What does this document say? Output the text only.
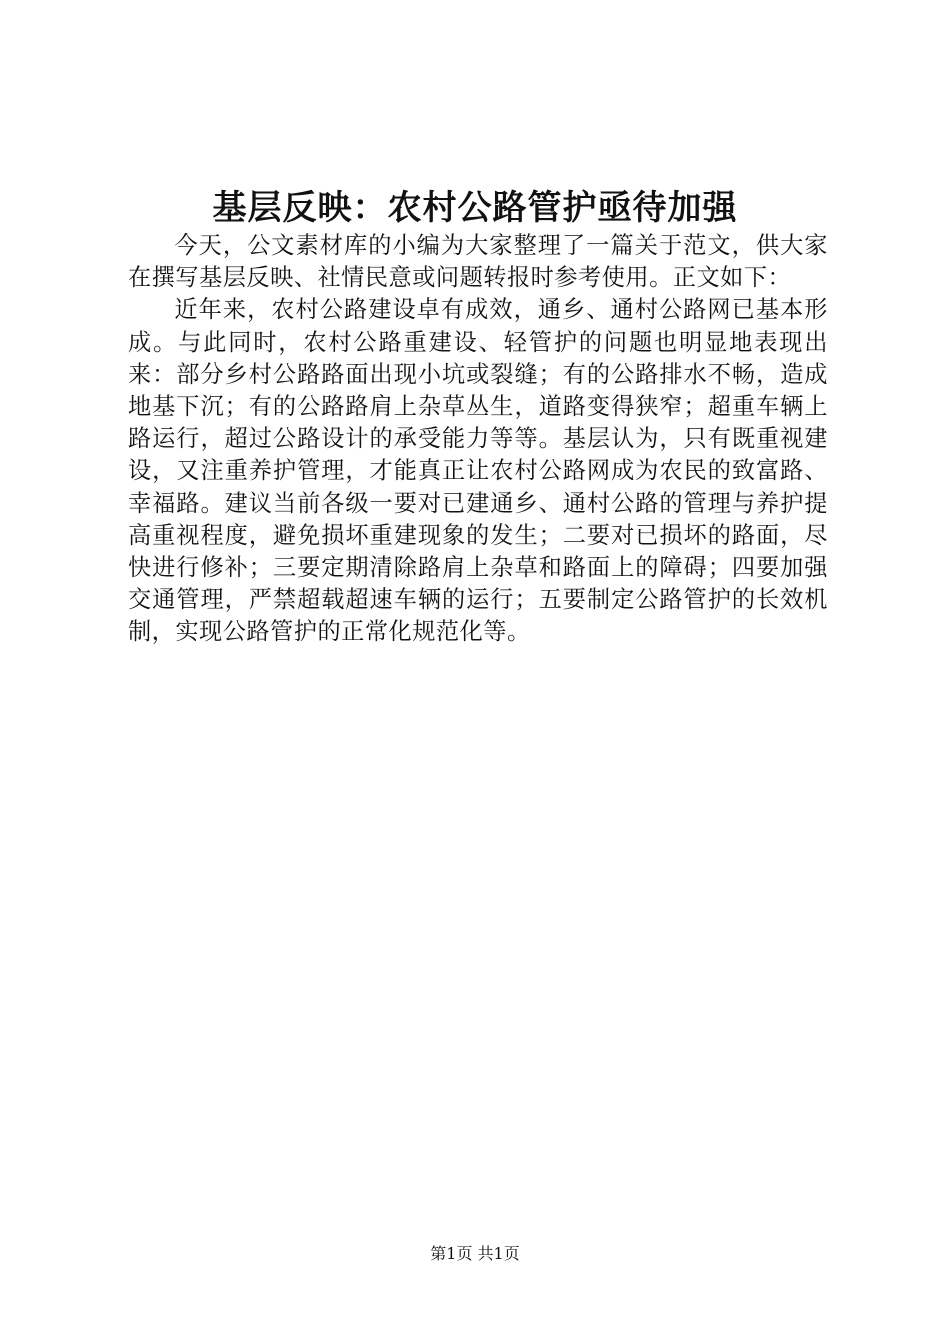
基层反映：农村公路管护亟待加强

今天，公文素材库的小编为大家整理了一篇关于范文，供大家在撰写基层反映、社情民意或问题转报时参考使用。正文如下：

近年来，农村公路建设卓有成效，通乡、通村公路网已基本形成。与此同时，农村公路重建设、轻管护的问题也明显地表现出来：部分乡村公路路面出现小坑或裂缝；有的公路排水不畅，造成地基下沉；有的公路路肩上杂草丛生，道路变得狭窄；超重车辆上路运行，超过公路设计的承受能力等等。基层认为，只有既重视建设，又注重养护管理，才能真正让农村公路网成为农民的致富路、幸福路。建议当前各级一要对已建通乡、通村公路的管理与养护提高重视程度，避免损坏重建现象的发生；二要对已损坏的路面，尽快进行修补；三要定期清除路肩上杂草和路面上的障碍；四要加强交通管理，严禁超载超速车辆的运行；五要制定公路管护的长效机制，实现公路管护的正常化规范化等。

第1页 共1页
